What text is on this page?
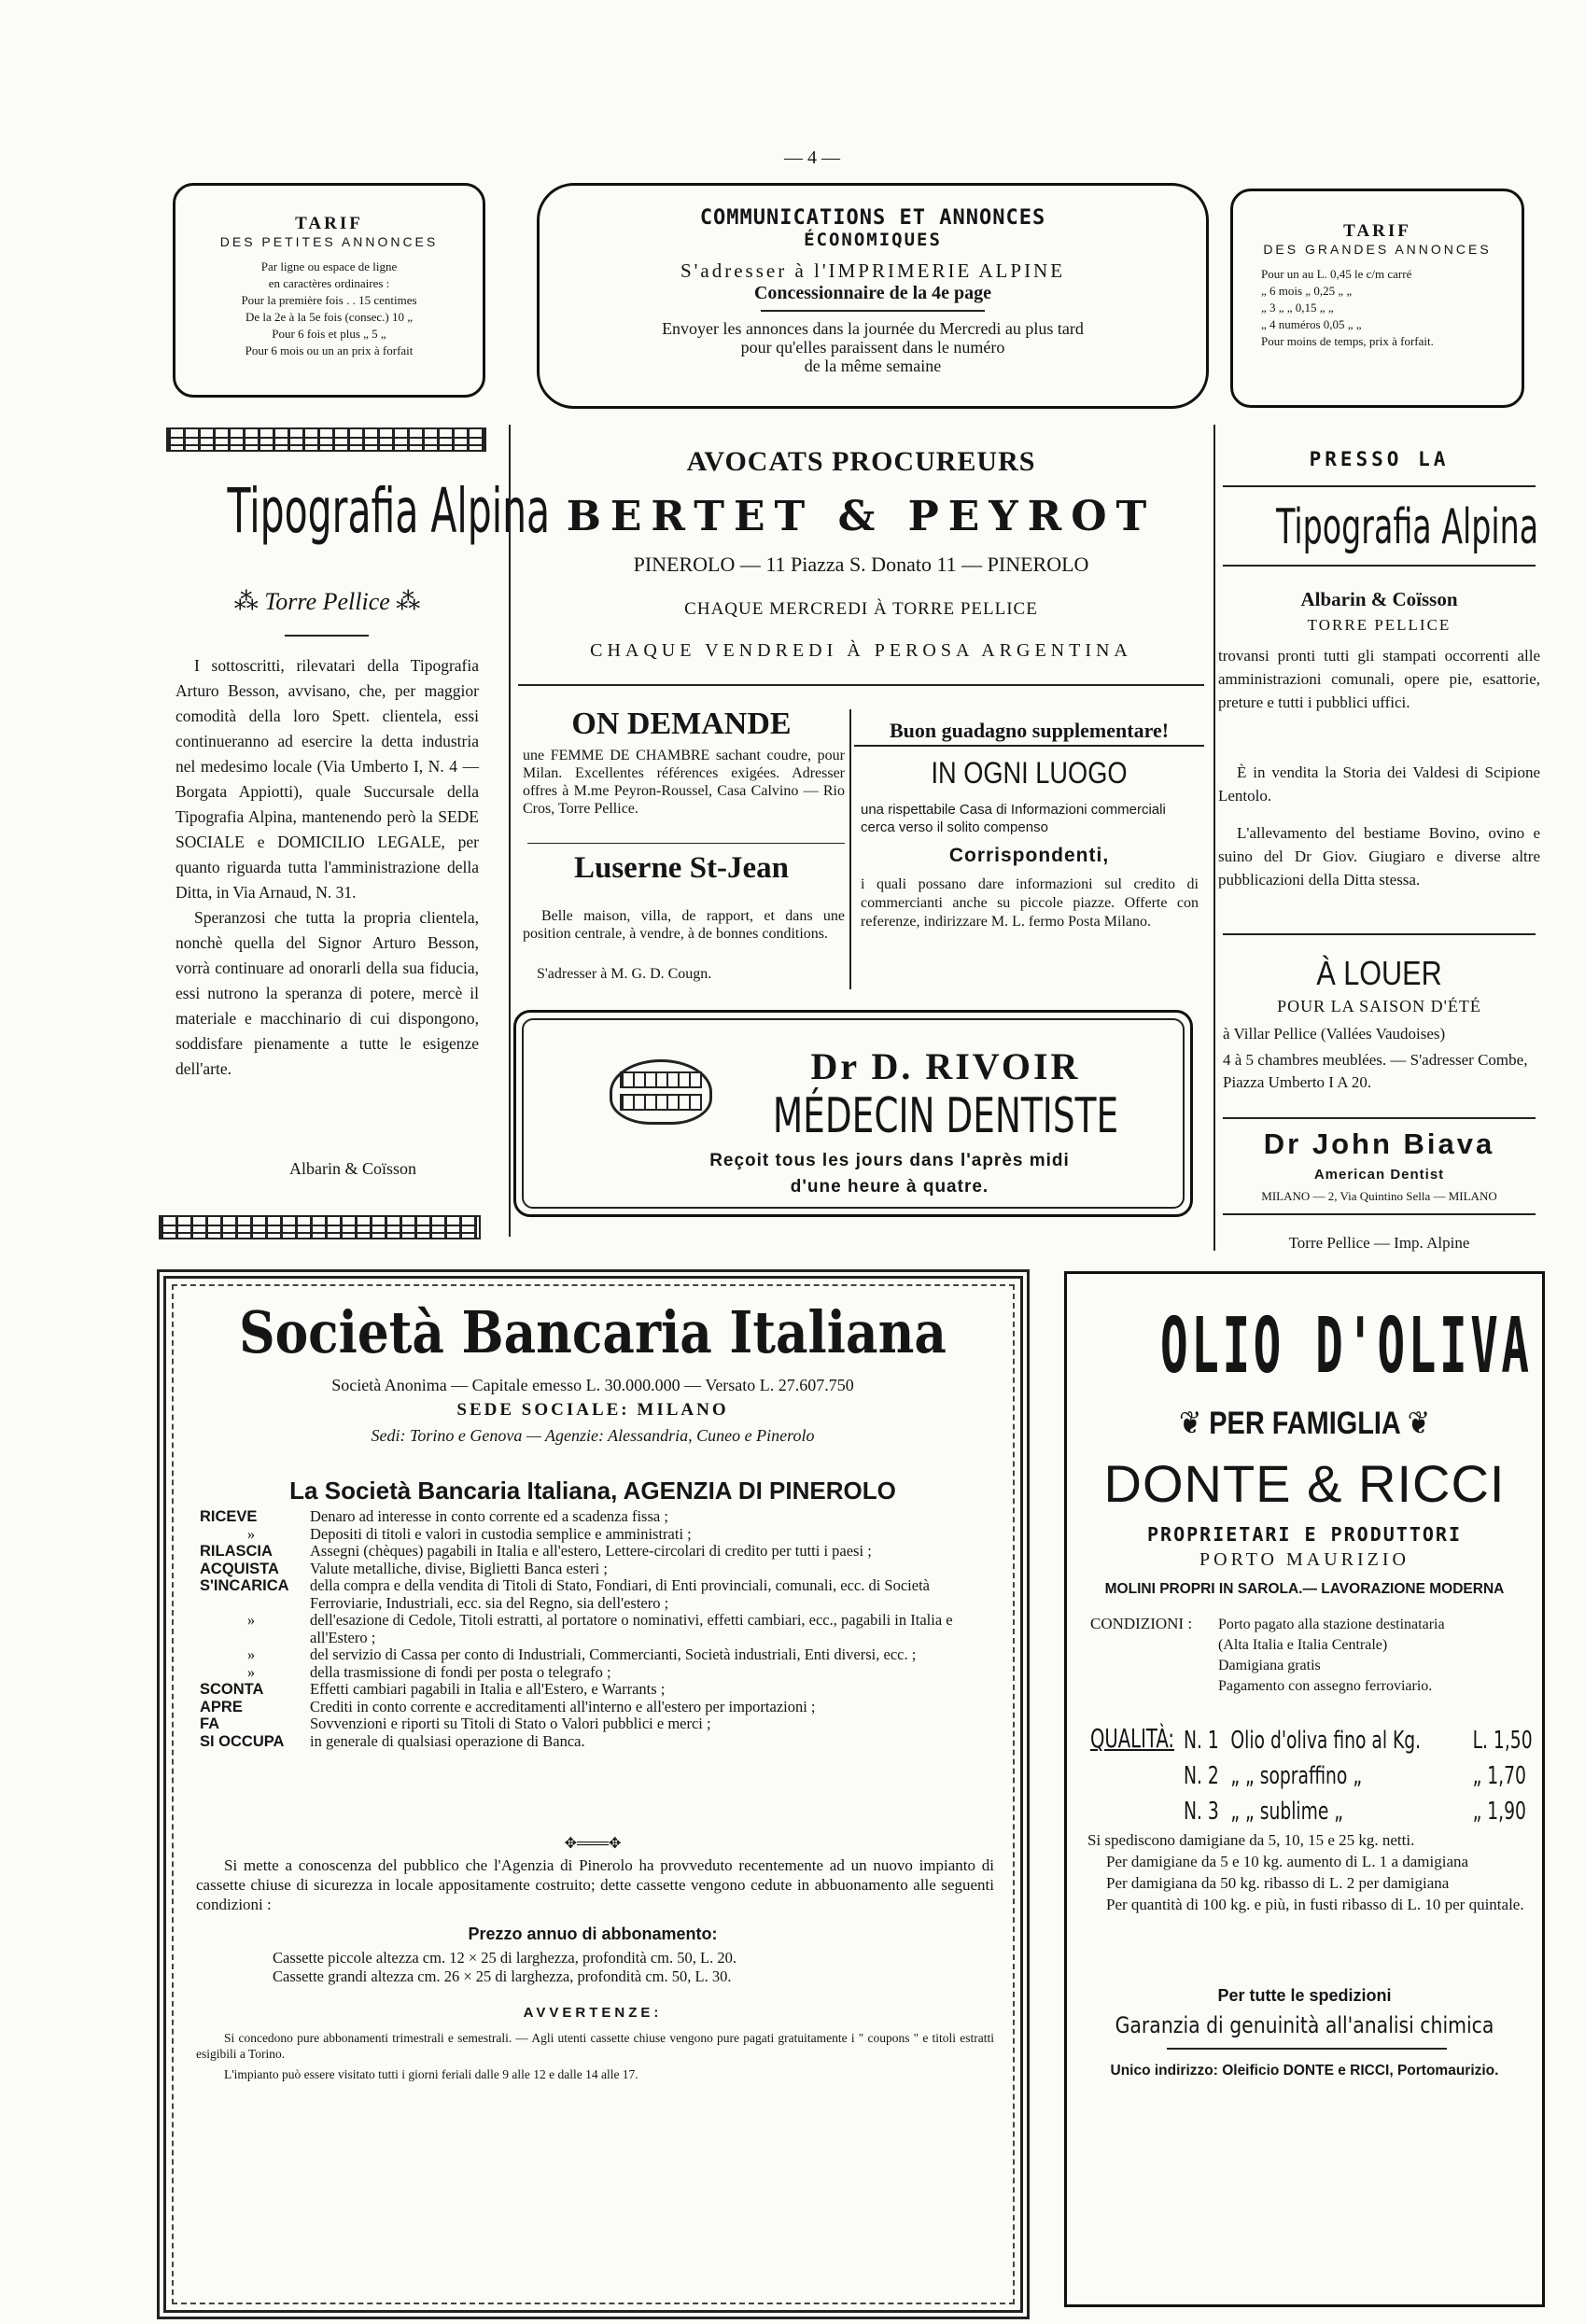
— 4 —
TARIF
DES PETITES ANNONCES

Par ligne ou espace de ligne

en caractères ordinaires :

Pour la première fois . . 15 centimes

De la 2e à la 5e fois (consec.) 10 „

Pour 6 fois et plus „ 5 „

Pour 6 mois ou un an prix à forfait

COMMUNICATIONS ET ANNONCES
ÉCONOMIQUES
S'adresser à l'IMPRIMERIE ALPINE
Concessionnaire de la 4e page

Envoyer les annonces dans la journée du Mercredi au plus tard

pour qu'elles paraissent dans le numéro

de la même semaine

TARIF
DES GRANDES ANNONCES

Pour un au L. 0,45 le c/m carré

„ 6 mois „ 0,25 „ „

„ 3 „ „ 0,15 „ „

„ 4 numéros 0,05 „ „

Pour moins de temps, prix à forfait.

Tipografia Alpina
⁂ Torre Pellice ⁂

I sottoscritti, rilevatari della Tipografia Arturo Besson, avvisano, che, per maggior comodità della loro Spett. clientela, essi continueranno ad esercire la detta industria nel medesimo locale (Via Umberto I, N. 4 — Borgata Appiotti), quale Succursale della Tipografia Alpina, mantenendo però la SEDE SOCIALE e DOMICILIO LEGALE, per quanto riguarda tutta l'amministrazione della Ditta, in Via Arnaud, N. 31.

Speranzosi che tutta la propria clientela, nonchè quella del Signor Arturo Besson, vorrà continuare ad onorarli della sua fiducia, essi nutrono la speranza di potere, mercè il materiale e macchinario di cui dispongono, soddisfare pienamente a tutte le esigenze dell'arte.

Albarin & Coïsson
AVOCATS PROCUREURS
BERTET & PEYROT
PINEROLO — 11 Piazza S. Donato 11 — PINEROLO
CHAQUE MERCREDI À TORRE PELLICE
CHAQUE VENDREDI À PEROSA ARGENTINA
ON DEMANDE
une FEMME DE CHAMBRE sachant coudre, pour Milan. Excellentes références exigées. Adresser offres à M.me Peyron-Roussel, Casa Calvino — Rio Cros, Torre Pellice.
Luserne St-Jean
Belle maison, villa, de rapport, et dans une position centrale, à vendre, à de bonnes conditions.
S'adresser à M. G. D. Cougn.
Buon guadagno supplementare!
IN OGNI LUOGO
una rispettabile Casa di Informazioni commerciali cerca verso il solito compenso
Corrispondenti,
i quali possano dare informazioni sul credito di commercianti anche su piccole piazze. Offerte con referenze, indirizzare M. L. fermo Posta Milano.
Dr D. RIVOIR
MÉDECIN DENTISTE
Reçoit tous les jours dans l'après midi
d'une heure à quatre.
PRESSO LA
Tipografia Alpina
Albarin & Coïsson
TORRE PELLICE
trovansi pronti tutti gli stampati occorrenti alle amministrazioni comunali, opere pie, esattorie, preture e tutti i pubblici uffici.
È in vendita la Storia dei Valdesi di Scipione Lentolo.
L'allevamento del bestiame Bovino, ovino e suino del Dr Giov. Giugiaro e diverse altre pubblicazioni della Ditta stessa.
À LOUER
POUR LA SAISON D'ÉTÉ
à Villar Pellice (Vallées Vaudoises)
4 à 5 chambres meublées. — S'adresser Combe, Piazza Umberto I A 20.
Dr John Biava
American Dentist
MILANO — 2, Via Quintino Sella — MILANO
Torre Pellice — Imp. Alpine
Società Bancaria Italiana
Società Anonima — Capitale emesso L. 30.000.000 — Versato L. 27.607.750
SEDE SOCIALE: MILANO
Sedi: Torino e Genova — Agenzie: Alessandria, Cuneo e Pinerolo
La Società Bancaria Italiana, AGENZIA DI PINEROLO
RICEVE	Denaro ad interesse in conto corrente ed a scadenza fissa ;
»	Depositi di titoli e valori in custodia semplice e amministrati ;
RILASCIA	Assegni (chèques) pagabili in Italia e all'estero, Lettere-circolari di credito per tutti i paesi ;
ACQUISTA	Valute metalliche, divise, Biglietti Banca esteri ;
S'INCARICA	della compra e della vendita di Titoli di Stato, Fondiari, di Enti provinciali, comunali, ecc. di Società Ferroviarie, Industriali, ecc. sia del Regno, sia dell'estero ;
»	dell'esazione di Cedole, Titoli estratti, al portatore o nominativi, effetti cambiari, ecc., pagabili in Italia e all'Estero ;
»	del servizio di Cassa per conto di Industriali, Commercianti, Società industriali, Enti diversi, ecc. ;
»	della trasmissione di fondi per posta o telegrafo ;
SCONTA	Effetti cambiari pagabili in Italia e all'Estero, e Warrants ;
APRE	Crediti in conto corrente e accreditamenti all'interno e all'estero per importazioni ;
FA	Sovvenzioni e riporti su Titoli di Stato o Valori pubblici e merci ;
SI OCCUPA	in generale di qualsiasi operazione di Banca.
✥═══✥
Si mette a conoscenza del pubblico che l'Agenzia di Pinerolo ha provveduto recentemente ad un nuovo impianto di cassette chiuse di sicurezza in locale appositamente costruito; dette cassette vengono cedute in abbuonamento alle seguenti condizioni :
Prezzo annuo di abbonamento:

Cassette piccole altezza cm. 12 × 25 di larghezza, profondità cm. 50, L. 20.

Cassette grandi altezza cm. 26 × 25 di larghezza, profondità cm. 50, L. 30.

AVVERTENZE:
Si concedono pure abbonamenti trimestrali e semestrali. — Agli utenti cassette chiuse vengono pure pagati gratuitamente i " coupons " e titoli estratti esigibili a Torino.
L'impianto può essere visitato tutti i giorni feriali dalle 9 alle 12 e dalle 14 alle 17.
OLIO D'OLIVA
❦ PER FAMIGLIA ❦
DONTE & RICCI
PROPRIETARI E PRODUTTORI
PORTO MAURIZIO
MOLINI PROPRI IN SAROLA.— LAVORAZIONE MODERNA
CONDIZIONI : Porto pagato alla stazione destinataria

(Alta Italia e Italia Centrale)

Damigiana gratis

Pagamento con assegno ferroviario.

QUALITÀ: N. 1 Olio d'oliva fino al Kg.	L. 1,50
N. 2 „ „ sopraffino „	„ 1,70
N. 3 „ „ sublime „	„ 1,90

Si spediscono damigiane da 5, 10, 15 e 25 kg. netti.

Per damigiane da 5 e 10 kg. aumento di L. 1 a damigiana

Per damigiana da 50 kg. ribasso di L. 2 per damigiana

Per quantità di 100 kg. e più, in fusti ribasso di L. 10 per quintale.

Per tutte le spedizioni
Garanzia di genuinità all'analisi chimica
Unico indirizzo: Oleificio DONTE e RICCI, Portomaurizio.
